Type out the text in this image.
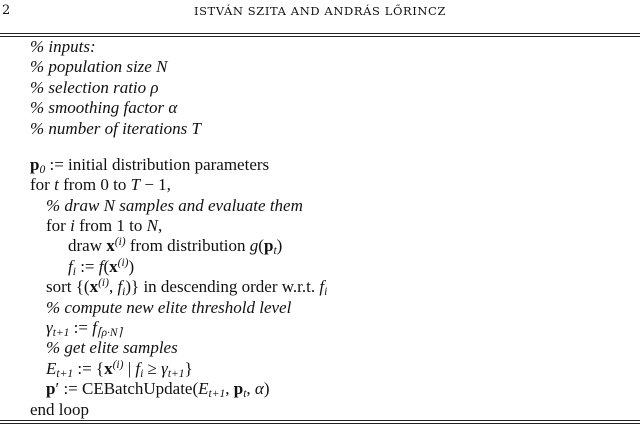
2	ISTVÁN SZITA AND ANDRÁS LŐRINCZ
% inputs:
% population size N
% selection ratio ρ
% smoothing factor α
% number of iterations T
$p_0$ := initial distribution parameters
for t from 0 to T − 1,
% draw N samples and evaluate them
for i from 1 to N,
draw $x^{(i)}$ from distribution $g(p_t)$
$f_i$ := $f(x^{(i)})$
sort {($x^{(i)}$, $f_i$)} in descending order w.r.t. $f_i$
% compute new elite threshold level
$\gamma_{t+1}$ := $f_{⌈\rho\cdot N⌉}$
% get elite samples
$E_{t+1}$ := {$x^{(i)}$ | $f_i \ge \gamma_{t+1}$}
p′ := $CEBatchUpdate(E_{t+1}$, $p_t$, α)
end loop
